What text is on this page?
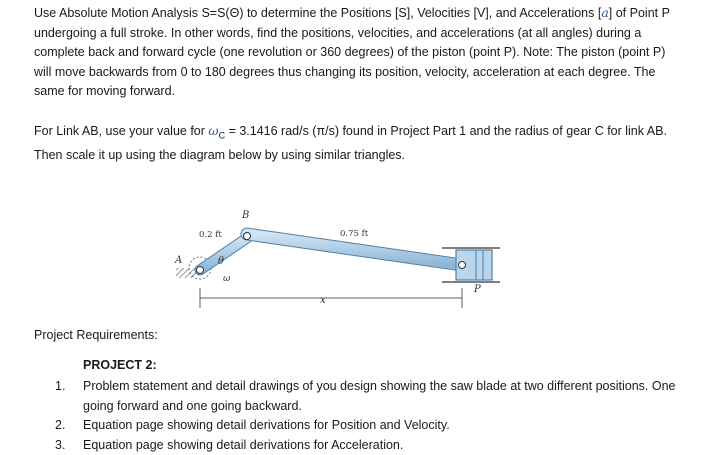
Use Absolute Motion Analysis S=S(Θ) to determine the Positions [S], Velocities [V], and Accelerations [a] of Point P undergoing a full stroke. In other words, find the positions, velocities, and accelerations (at all angles) during a complete back and forward cycle (one revolution or 360 degrees) of the piston (point P). Note: The piston (point P) will move backwards from 0 to 180 degrees thus changing its position, velocity, acceleration at each degree. The same for moving forward.

For Link AB, use your value for $\omega_C = 3.1416$ rad/s (π/s) found in Project Part 1 and the radius of gear C for link AB. Then scale it up using the diagram below by using similar triangles.

B
A
0.2 ft	0.75 ft
θ
ω
x
P
Project Requirements:
PROJECT 2:
1. Problem statement and detail drawings of you design showing the saw blade at two different positions. One going forward and one going backward.
2. Equation page showing detail derivations for Position and Velocity.
3. Equation page showing detail derivations for Acceleration.
